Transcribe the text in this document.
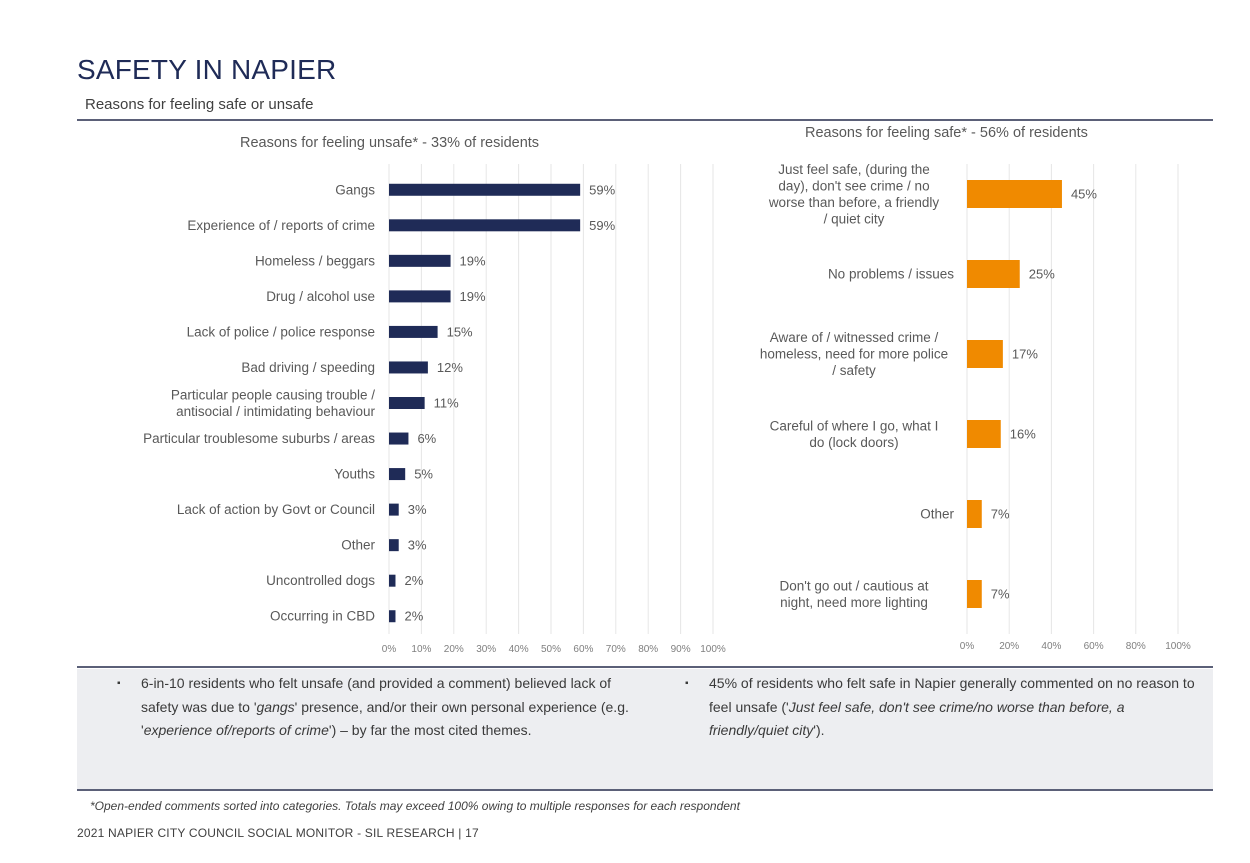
SAFETY IN NAPIER
Reasons for feeling safe or unsafe
Reasons for feeling unsafe* - 33% of residents
0% 10% 20% 30% 40% 50% 60% 70% 80% 90% 100%
59%
Gangs
59%
Experience of / reports of crime
19%
Homeless / beggars
19%
Drug / alcohol use
15%
Lack of police / police response
12%
Bad driving / speeding
11%
Particular people causing trouble / antisocial / intimidating behaviour
6%
Particular troublesome suburbs / areas
5%
Youths
3%
Lack of action by Govt or Council
3%
Other
2%
Uncontrolled dogs
2%
Occurring in CBD
Reasons for feeling safe* - 56% of residents
0% 20% 40% 60% 80% 100%
45%
Just feel safe, (during the day), don't see crime / no worse than before, a friendly / quiet city
25%
No problems / issues
17%
Aware of / witnessed crime / homeless, need for more police / safety
16%
Careful of where I go, what I do (lock doors)
7%
Other
7%
Don't go out / cautious at night, need more lighting
▪ 6-in-10 residents who felt unsafe (and provided a comment) believed lack of safety was due to 'gangs' presence, and/or their own personal experience (e.g. 'experience of/reports of crime') – by far the most cited themes.
▪ 45% of residents who felt safe in Napier generally commented on no reason to feel unsafe ('Just feel safe, don't see crime/no worse than before, a friendly/quiet city').
*Open-ended comments sorted into categories. Totals may exceed 100% owing to multiple responses for each respondent
2021 NAPIER CITY COUNCIL SOCIAL MONITOR - SIL RESEARCH | 17
